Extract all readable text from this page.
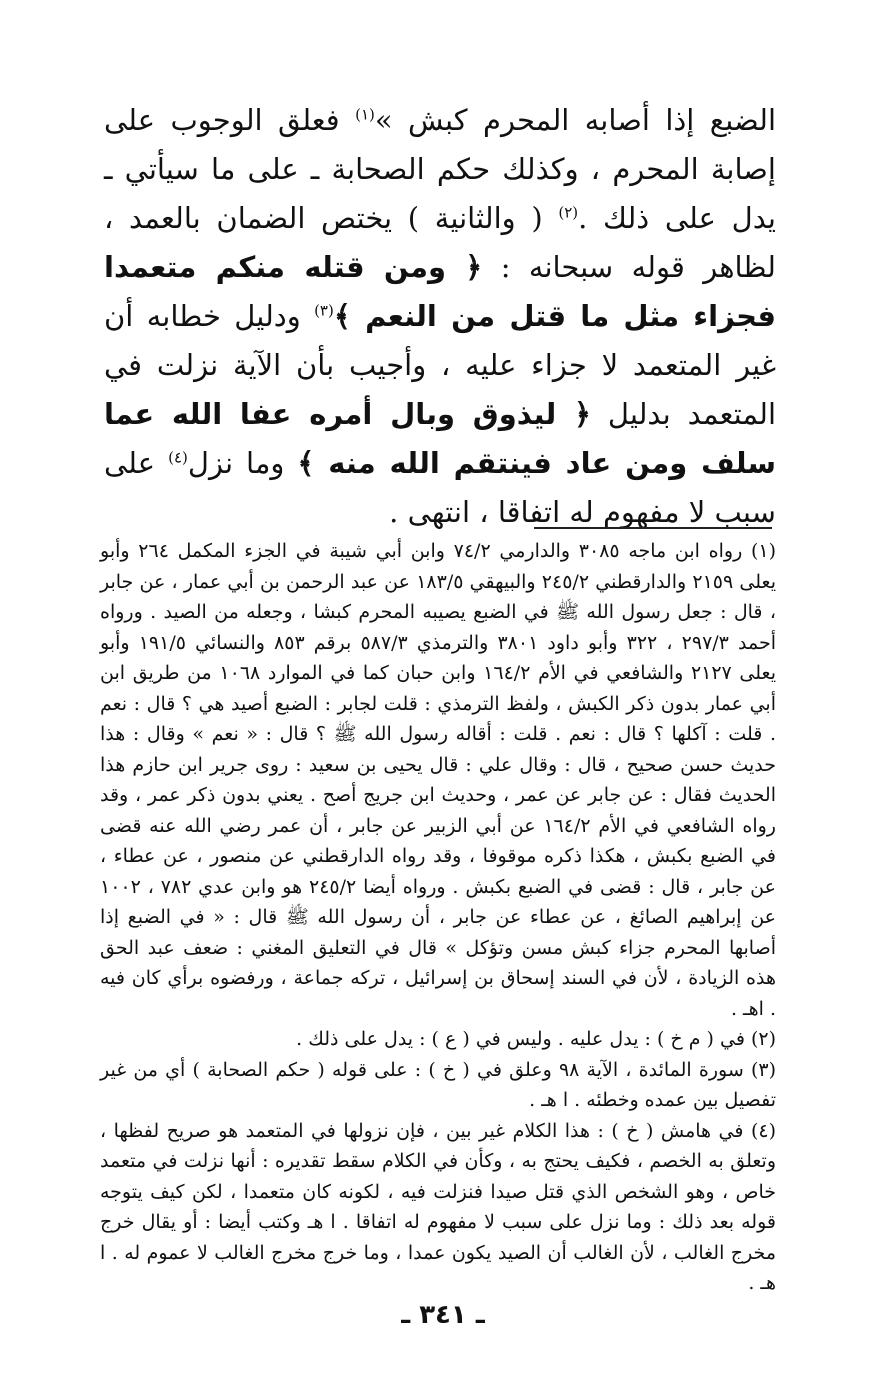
الضبع إذا أصابه المحرم كبش »$^{(١)}$ فعلق الوجوب على إصابة المحرم ، وكذلك حكم الصحابة ـ على ما سيأتي ـ يدل على ذلك .$^{(٢)}$ ( والثانية ) يختص الضمان بالعمد ، لظاهر قوله سبحانه : ﴿ ومن قتله منكم متعمدا فجزاء مثل ما قتل من النعم ﴾$^{(٣)}$ ودليل خطابه أن غير المتعمد لا جزاء عليه ، وأجيب بأن الآية نزلت في المتعمد بدليل ﴿ ليذوق وبال أمره عفا الله عما سلف ومن عاد فينتقم الله منه ﴾ وما نزل$^{(٤)}$ على سبب لا مفهوم له اتفاقا ، انتهى .

(١) رواه ابن ماجه ٣٠٨٥ والدارمي ٧٤/٢ وابن أبي شيبة في الجزء المكمل ٢٦٤ وأبو يعلى ٢١٥٩ والدارقطني ٢٤٥/٢ والبيهقي ١٨٣/٥ عن عبد الرحمن بن أبي عمار ، عن جابر ، قال : جعل رسول الله ﷺ في الضبع يصيبه المحرم كبشا ، وجعله من الصيد . ورواه أحمد ٢٩٧/٣ ، ٣٢٢ وأبو داود ٣٨٠١ والترمذي ٥٨٧/٣ برقم ٨٥٣ والنسائي ١٩١/٥ وأبو يعلى ٢١٢٧ والشافعي في الأم ١٦٤/٢ وابن حبان كما في الموارد ١٠٦٨ من طريق ابن أبي عمار بدون ذكر الكبش ، ولفظ الترمذي : قلت لجابر : الضبع أصيد هي ؟ قال : نعم . قلت : آكلها ؟ قال : نعم . قلت : أقاله رسول الله ﷺ ؟ قال : « نعم » وقال : هذا حديث حسن صحيح ، قال : وقال علي : قال يحيى بن سعيد : روى جرير ابن حازم هذا الحديث فقال : عن جابر عن عمر ، وحديث ابن جريج أصح . يعني بدون ذكر عمر ، وقد رواه الشافعي في الأم ١٦٤/٢ عن أبي الزبير عن جابر ، أن عمر رضي الله عنه قضى في الضبع بكبش ، هكذا ذكره موقوفا ، وقد رواه الدارقطني عن منصور ، عن عطاء ، عن جابر ، قال : قضى في الضبع بكبش . ورواه أيضا ٢٤٥/٢ هو وابن عدي ٧٨٢ ، ١٠٠٢ عن إبراهيم الصائغ ، عن عطاء عن جابر ، أن رسول الله ﷺ قال : « في الضبع إذا أصابها المحرم جزاء كبش مسن وتؤكل » قال في التعليق المغني : ضعف عبد الحق هذه الزيادة ، لأن في السند إسحاق بن إسرائيل ، تركه جماعة ، ورفضوه برأي كان فيه . اهـ .

(٢) في ( م خ ) : يدل عليه . وليس في ( ع ) : يدل على ذلك .

(٣) سورة المائدة ، الآية ٩٨ وعلق في ( خ ) : على قوله ( حكم الصحابة ) أي من غير تفصيل بين عمده وخطئه . ا هـ .

(٤) في هامش ( خ ) : هذا الكلام غير بين ، فإن نزولها في المتعمد هو صريح لفظها ، وتعلق به الخصم ، فكيف يحتج به ، وكأن في الكلام سقط تقديره : أنها نزلت في متعمد خاص ، وهو الشخص الذي قتل صيدا فنزلت فيه ، لكونه كان متعمدا ، لكن كيف يتوجه قوله بعد ذلك : وما نزل على سبب لا مفهوم له اتفاقا . ا هـ وكتب أيضا : أو يقال خرج مخرج الغالب ، لأن الغالب أن الصيد يكون عمدا ، وما خرج مخرج الغالب لا عموم له . ا هـ .

ـ ٣٤١ ـ
